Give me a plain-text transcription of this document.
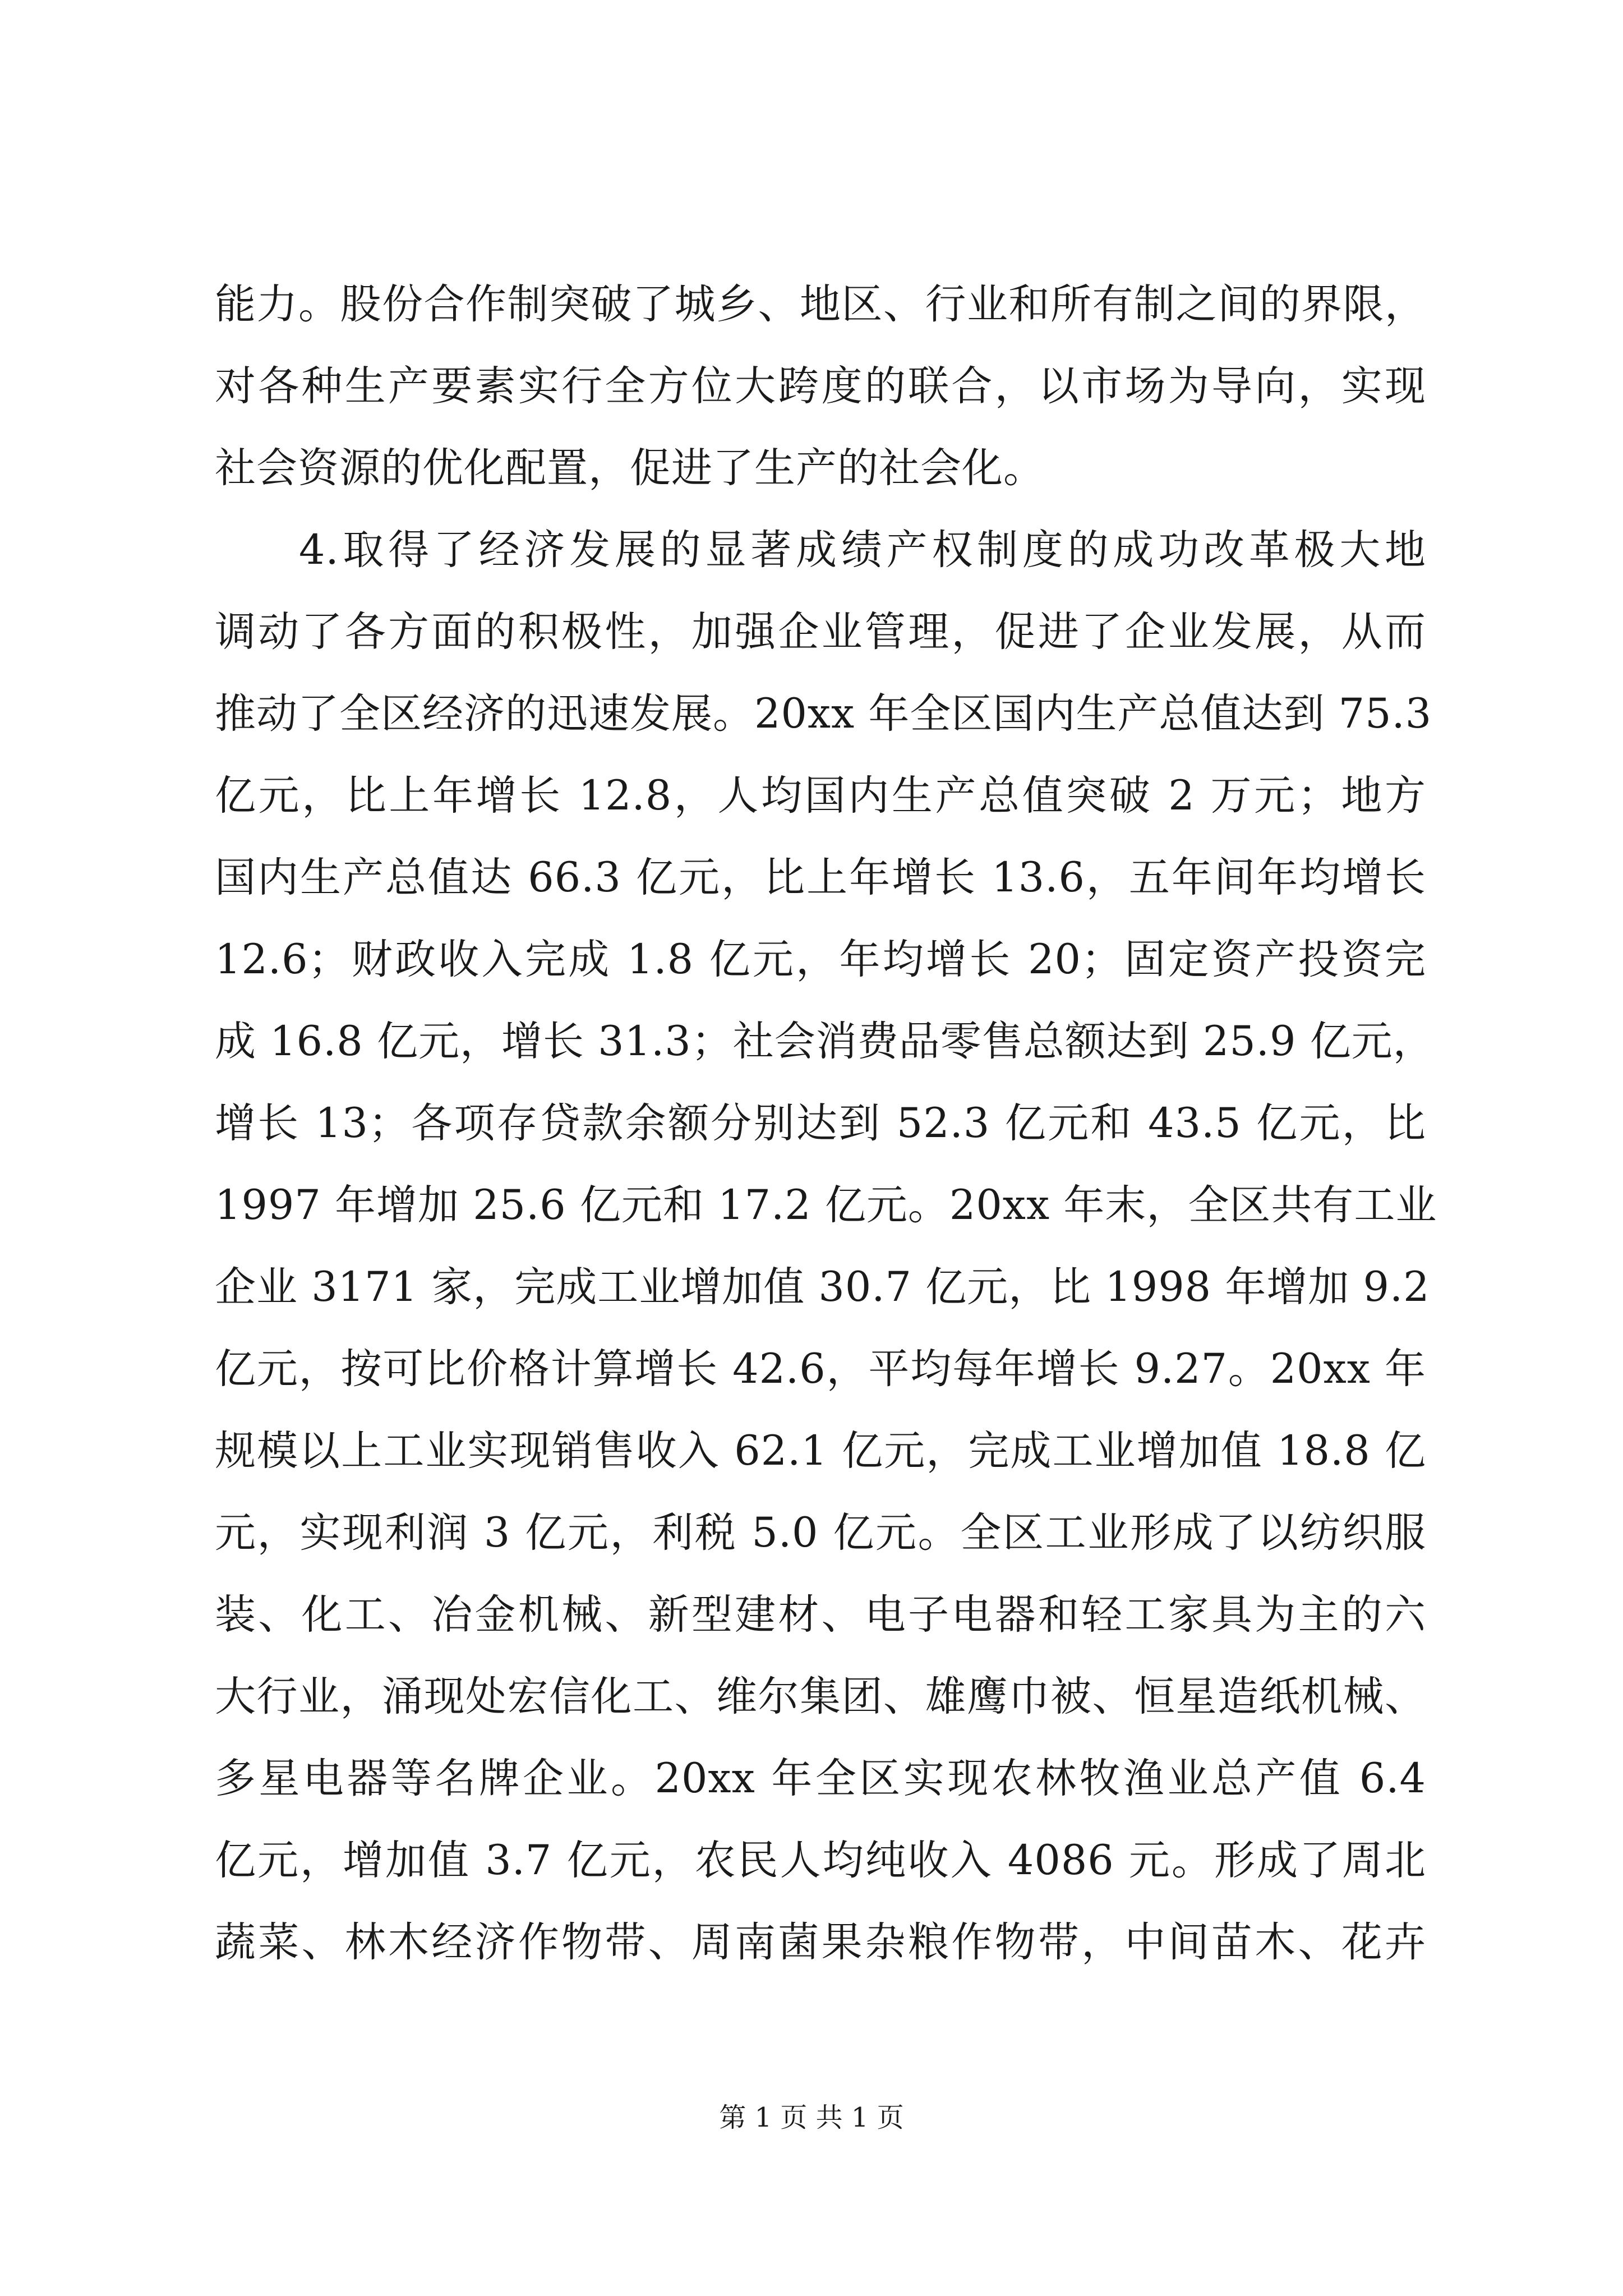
能力。股份合作制突破了城乡、地区、行业和所有制之间的界限，
对各种生产要素实行全方位大跨度的联合，以市场为导向，实现
社会资源的优化配置，促进了生产的社会化。
4.取得了经济发展的显著成绩产权制度的成功改革极大地
调动了各方面的积极性，加强企业管理，促进了企业发展，从而
推动了全区经济的迅速发展。20xx 年全区国内生产总值达到 75.3
亿元，比上年增长 12.8，人均国内生产总值突破 2 万元；地方
国内生产总值达 66.3 亿元，比上年增长 13.6，五年间年均增长
12.6；财政收入完成 1.8 亿元，年均增长 20；固定资产投资完
成 16.8 亿元，增长 31.3；社会消费品零售总额达到 25.9 亿元，
增长 13；各项存贷款余额分别达到 52.3 亿元和 43.5 亿元，比
1997 年增加 25.6 亿元和 17.2 亿元。20xx 年末，全区共有工业
企业 3171 家，完成工业增加值 30.7 亿元，比 1998 年增加 9.2
亿元，按可比价格计算增长 42.6，平均每年增长 9.27。20xx 年
规模以上工业实现销售收入 62.1 亿元，完成工业增加值 18.8 亿
元，实现利润 3 亿元，利税 5.0 亿元。全区工业形成了以纺织服
装、化工、冶金机械、新型建材、电子电器和轻工家具为主的六
大行业，涌现处宏信化工、维尔集团、雄鹰巾被、恒星造纸机械、
多星电器等名牌企业。20xx 年全区实现农林牧渔业总产值 6.4
亿元，增加值 3.7 亿元，农民人均纯收入 4086 元。形成了周北
蔬菜、林木经济作物带、周南菌果杂粮作物带，中间苗木、花卉
第 1 页 共 1 页
